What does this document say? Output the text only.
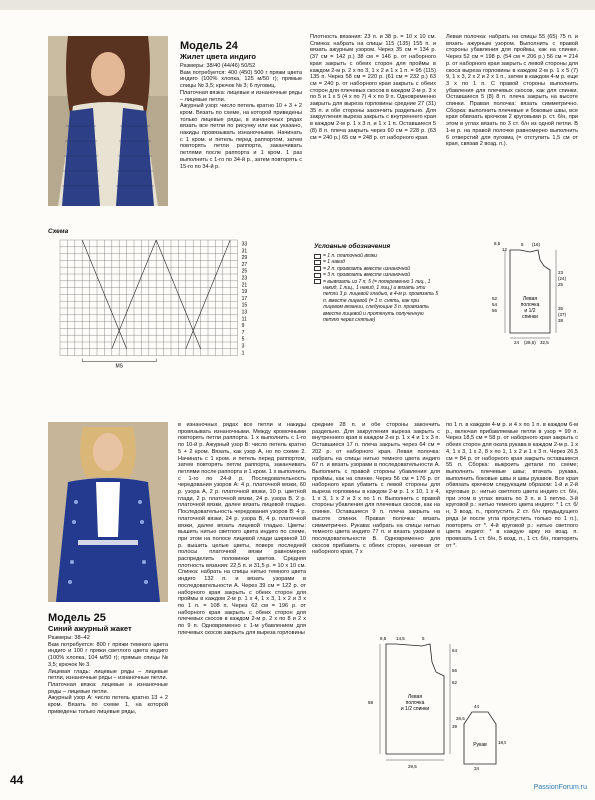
Модель 24
Жилет цвета индиго

Размеры: 38/40 (44/46) 50/52

Вам потребуется: 400 (450) 500 г пряжи цвета индиго (100% хлопка, 125 м/50 г); прямые спицы № 3,5; крючок № 3; 6 пуговиц.

Платочная вязка: лицевые и изнаночные ряды – лицевые петли.

Ажурный узор: число петель кратно 10 + 3 + 2 кром. Вязать по схеме, на которой приведены только лицевые ряды, в изнаночных рядах вязать все петли по рисунку или как указано, накиды провязывать изнаночными. Начинать с 1 кром. и петель перед раппортом, затем повторять петли раппорта, заканчивать петлями после раппорта и 1 кром. 1 раз выполнить с 1-го по 34-й р., затем повторять с 15-го по 34-й р.

Плотность вязания: 23 п. и 38 р. = 10 х 10 см. Спинка: набрать на спицы 115 (135) 155 п. и вязать ажурным узором. Через 35 см = 134 р. (37 см = 142 р.) 38 см = 146 р. от наборного края закрыть с обеих сторон для проймы в каждом 2-м р. 2 х по 3, 1 х 2 и 1 х 1 п. = 95 (115) 135 п. Через 58 см = 220 р. (61 см = 232 р.) 63 см = 240 р. от наборного края закрыть с обеих сторон для плечевых скосов в каждом 2-м р. 3 х по 5 и 1 х 5 (4 х по 7) 4 х по 9 п. Одновременно закрыть для выреза горловины средние 27 (31) 35 п. и обе стороны закончить раздельно. Для закругления выреза закрыть с внутреннего края в каждом 2-м р. 1 х 3 п. и 1 х 1 п. Оставшиеся 5 (8) 8 п. плеча закрыть через 60 см = 228 р. (63 см = 240 р.) 65 см = 248 р. от наборного края.
Левая полочка: набрать на спицы 55 (65) 75 п. и вязать ажурным узором. Выполнить с правой стороны убавления для проймы, как на спинке. Через 52 см = 198 р. (54 см = 206 р.) 56 см = 214 р. от наборного края закрыть с левой стороны для скоса выреза горловины в каждом 2-м р. 1 х 5 (7) 9, 1 х 3, 2 х 2 и 2 х 1 п., затем в каждом 4-м р. еще 3 х по 1 п. С правой стороны выполнить убавления для плечевых скосов, как для спинки. Оставшиеся 5 (8) 8 п. плеча закрыть на высоте спинки. Правая полочка: вязать симметрично. Сборка: выполнить плечевые и боковые швы, все края обвязать крючком 2 круговыми р. ст. б/н, при этом в углах вязать по 3 ст. б/н из одной петли. В 1-м р. на правой полочке равномерно выполнить 6 отверстий для пуговиц (= отступить 1,5 см от края, связав 2 возд. п.).
Схема
33
31
29
27
25
23
21
19
17
15
13
11
9
7
5
3
1
MS
Условные обозначения
= 1 п. платочной вязки
= 1 накид
= 2 п. провязать вместе изнаночной
= 3 п. провязать вместе изнаночной
= вывязать из 7 п. 5 (= попеременно 1 лиц., 1 накид, 1 лиц., 1 накид, 1 лиц.) и вязать эти петли 3 р. лицевой гладью, в 4-м р. провязать 5 п. вместе лицевой (= 1 п. снять, как при лицевом вязании, следующие 3 п. провязать вместе лицевой и протянуть полученную петлю через снятые)
Левая
полочка
и 1/2
спинки
8,5
12
5 (16)
23
(24)
25
52
54
56	35
(37)
38
24 (28,5) 32,5
Модель 25
Синий ажурный жакет

Размеры: 38–42

Вам потребуется: 800 г пряжи темного цвета индиго и 100 г пряжи светлого цвета индиго (100% хлопка, 104 м/50 г); прямые спицы № 3,5; крючок № 3.

Лицевая гладь: лицевые ряды – лицевые петли, изнаночные ряды – изнаночные петли.

Платочная вязка: лицевые и изнаночные ряды – лицевые петли.

Ажурный узор А: число петель кратно 13 + 2 кром. Вязать по схеме 1, на которой приведены только лицевые ряды,

в изнаночных рядах все петли и накиды провязывать изнаночными. Между кромочными повторять петли раппорта. 1 х выполнить с 1-го по 10-й р. Ажурный узор В: число петель кратно 5 + 2 кром. Вязать, как узор А, но по схеме 2. Начинать с 1 кром. и петель перед раппортом, затем повторять петли раппорта, заканчивать петлями после раппорта и 1 кром. 1 х выполнить с 1-го по 24-й р. Последовательность чередования узоров А: 4 р. платочной вязки, 60 р. узора А, 2 р. платочной вязки, 10 р. цветной глади, 2 р. платочной вязки, 24 р. узора В, 2 р. платочной вязки, далее вязать лицевой гладью. Последовательность чередования узоров В: 4 р. платочной вязки, 24 р. узора В, 4 р. платочной вязки, далее вязать лицевой гладью. Цветы: вышить нитью светлого цвета индиго по схеме, при этом на полосе лицевой глади шириной 10 р. вышить целые цветы, поверх последней полосы платочной вязки равномерно распределить половинки цветов. Средняя плотность вязания: 22,5 п. и 31,5 р. = 10 х 10 см. Спинка: набрать на спицы нитью темного цвета индиго 132 п. и вязать узорами в последовательности А. Через 39 см = 122 р. от наборного края закрыть с обеих сторон для проймы в каждом 2-м р. 1 х 4, 1 х 3, 1 х 2 и 3 х по 1 п. = 108 п. Через 62 см = 196 р. от наборного края закрыть с обеих сторон для плечевых скосов в каждом 2-м р. 2 х по 8 и 2 х по 9 п. Одновременно с 1-м убавлением для плечевых скосов закрыть для выреза горловины
средние 28 п. и обе стороны закончить раздельно. Для закругления выреза закрыть с внутреннего края в каждом 2-м р. 1 х 4 и 1 х 3 п. Оставшиеся 17 п. плеча закрыть через 64 см = 202 р. от наборного края. Левая полочка: набрать на спицы нитью темного цвета индиго 67 п. и вязать узорами в последовательности А. Выполнить с правой стороны убавления для проймы, как на спинке. Через 56 см = 176 р. от наборного края убавить с левой стороны для выреза горловины в каждом 2-м р. 1 х 10, 1 х 4, 1 х 3, 1 х 2 и 3 х по 1 п. Выполнить с правой стороны убавления для плечевых скосов, как на спинке. Оставшиеся 9 п. плеча закрыть на высоте спинки. Правая полочка: вязать симметрично. Рукава: набрать на спицы нитью темного цвета индиго 77 п. и вязать узорами в последовательности В. Одновременно для скосов прибавить с обеих сторон, начиная от наборного края, 7 х
по 1 п. в каждом 4-м р. и 4 х по 1 п. в каждом 6-м р., включая прибавляемые петли в узор = 99 п. Через 18,5 см = 58 р. от наборного края закрыть с обеих сторон для оката рукава в каждом 2-м р. 1 х 4, 1 х 3, 1 х 2, 8 х по 1, 1 х 2 и 1 х 3 п. Через 26,5 см = 84 р. от наборного края закрыть оставшиеся 55 п. Сборка: выкроить детали по схеме; выполнить плечевые швы; втачать рукава, выполнить боковые швы и швы рукавов. Все края обвязать крючком следующим образом: 1-й и 2-й круговые р.: нитью светлого цвета индиго ст. б/н, при этом в углах вязать по 3 п. в 1 петлю. 3-й круговой р.: нитью темного цвета индиго: * 1 ст. б/н, 3 возд. п., пропустить 2 ст. б/н предыдущего ряда (и после угла пропустить только по 1 п.), повторять от *. 4-й круговой р.: нитью светлого цвета индиго: * в каждую арку из возд. п. провязать 1 ст. б/н, 5 возд. п., 1 ст. б/н, повторять от *.
Левая
полочка
и 1/2 спинки
Рукав
9,5 14,5	5
58
39
62
64
56
29,5
18,5
26,5
34
44
44
PassionForum.ru
